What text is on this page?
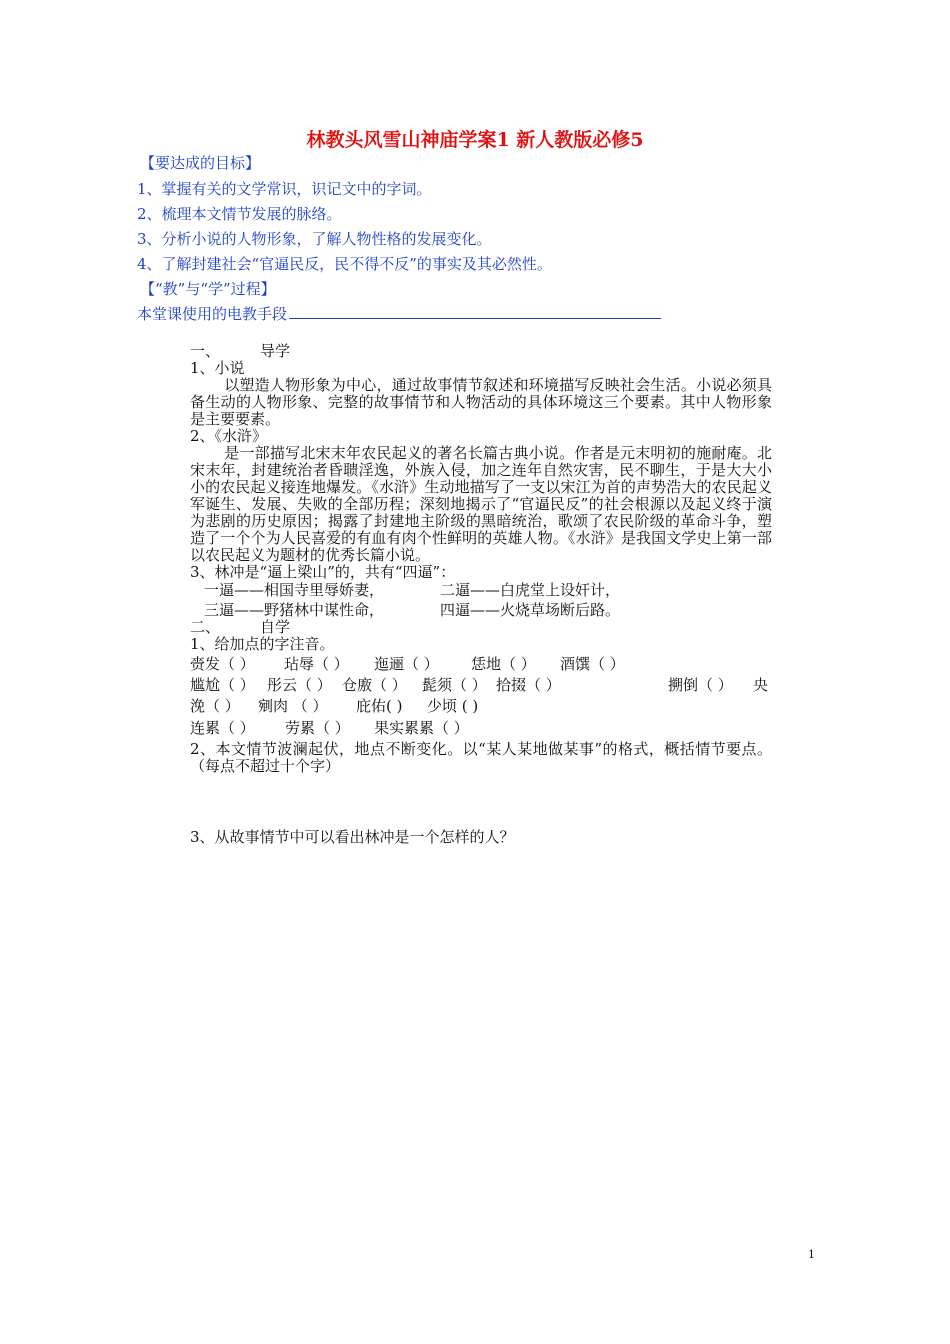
林教头风雪山神庙学案1 新人教版必修5
【要达成的目标】
1、掌握有关的文学常识，识记文中的字词。
2、梳理本文情节发展的脉络。
3、分析小说的人物形象，了解人物性格的发展变化。
4、了解封建社会“官逼民反，民不得不反”的事实及其必然性。
【“教”与“学”过程】
本堂课使用的电教手段
一、	导学
1、小说
以塑造人物形象为中心，通过故事情节叙述和环境描写反映社会生活。小说必须具备生动的人物形象、完整的故事情节和人物活动的具体环境这三个要素。其中人物形象是主要要素。
2、《水浒》
是一部描写北宋末年农民起义的著名长篇古典小说。作者是元末明初的施耐庵。北宋末年，封建统治者昏聩淫逸，外族入侵，加之连年自然灾害，民不聊生，于是大大小小的农民起义接连地爆发。《水浒》生动地描写了一支以宋江为首的声势浩大的农民起义军诞生、发展、失败的全部历程；深刻地揭示了“官逼民反”的社会根源以及起义终于演为悲剧的历史原因；揭露了封建地主阶级的黑暗统治，歌颂了农民阶级的革命斗争，塑造了一个个为人民喜爱的有血有肉个性鲜明的英雄人物。《水浒》是我国文学史上第一部以农民起义为题材的优秀长篇小说。
3、林冲是“逼上梁山”的，共有“四逼”：
一逼——相国寺里辱娇妻，	二逼——白虎堂上设奸计，
三逼——野猪林中谋性命，	四逼——火烧草场断后路。
二、	自学
1、给加点的字注音。
赍发（ ） 玷辱（ ） 迤逦（ ） 恁地（ ） 酒馔（ ）
尴尬（ ） 彤云（ ） 仓廒（ ） 髭须（ ） 拾掇（ ）	搠倒（ ） 央
浼（ ） 剜肉 （ ） 庇佑( ) 少顷 ( )
连累（ ） 劳累（ ） 果实累累（ ）
2、本文情节波澜起伏，地点不断变化。以“某人某地做某事”的格式，概括情节要点。（每点不超过十个字）
3、从故事情节中可以看出林冲是一个怎样的人？
1
